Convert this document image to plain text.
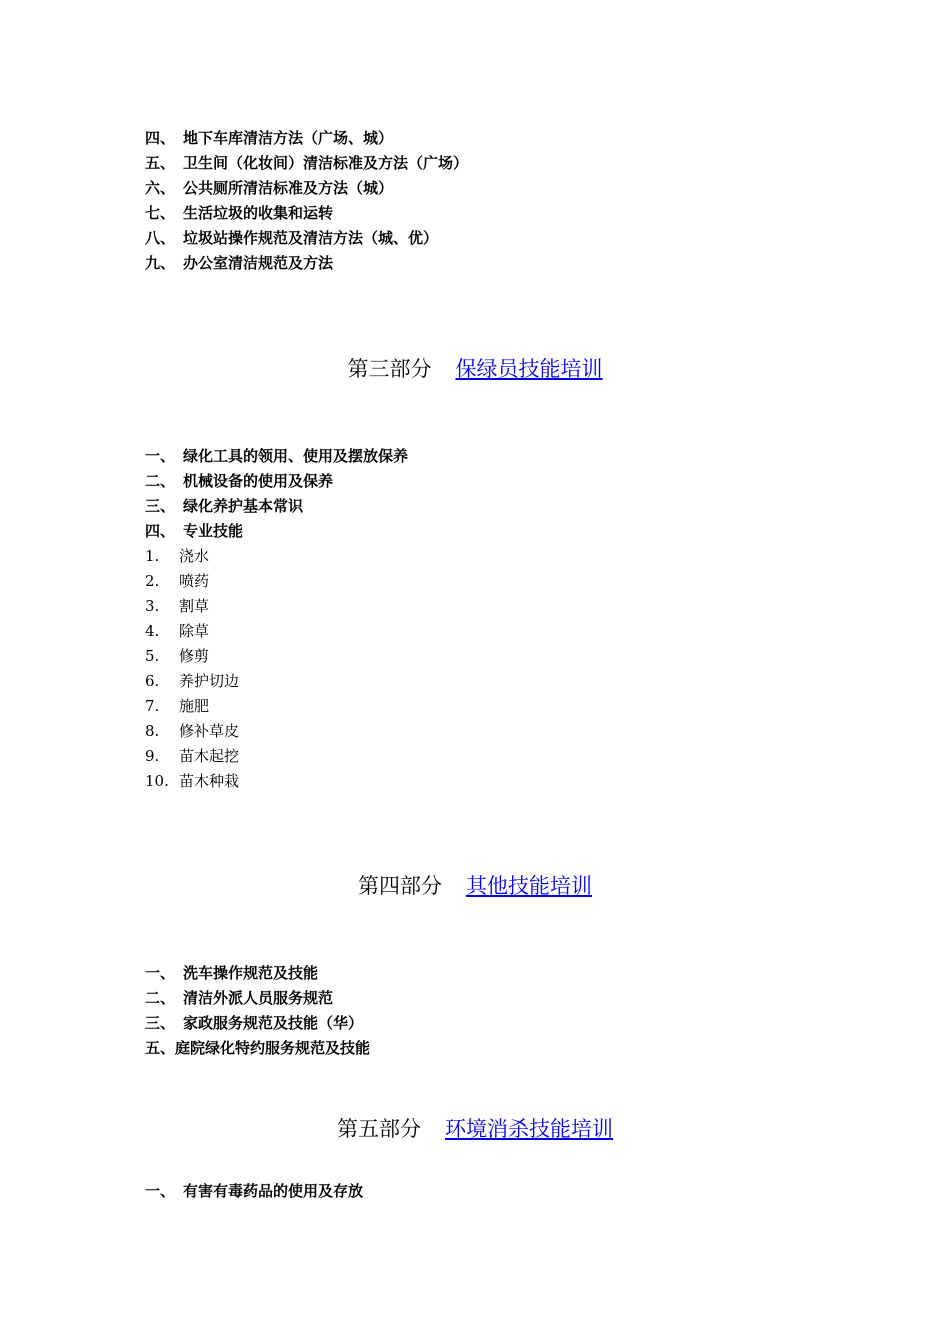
四、 地下车库清洁方法（广场、城）
五、 卫生间（化妆间）清洁标准及方法（广场）
六、 公共厕所清洁标准及方法（城）
七、 生活垃圾的收集和运转
八、 垃圾站操作规范及清洁方法（城、优）
九、 办公室清洁规范及方法
第三部分 保绿员技能培训
一、 绿化工具的领用、使用及摆放保养
二、 机械设备的使用及保养
三、 绿化养护基本常识
四、 专业技能
1. 浇水
2. 喷药
3. 割草
4. 除草
5. 修剪
6. 养护切边
7. 施肥
8. 修补草皮
9. 苗木起挖
10. 苗木种栽
第四部分 其他技能培训
一、 洗车操作规范及技能
二、 清洁外派人员服务规范
三、 家政服务规范及技能（华）
五、庭院绿化特约服务规范及技能
第五部分 环境消杀技能培训
一、 有害有毒药品的使用及存放
